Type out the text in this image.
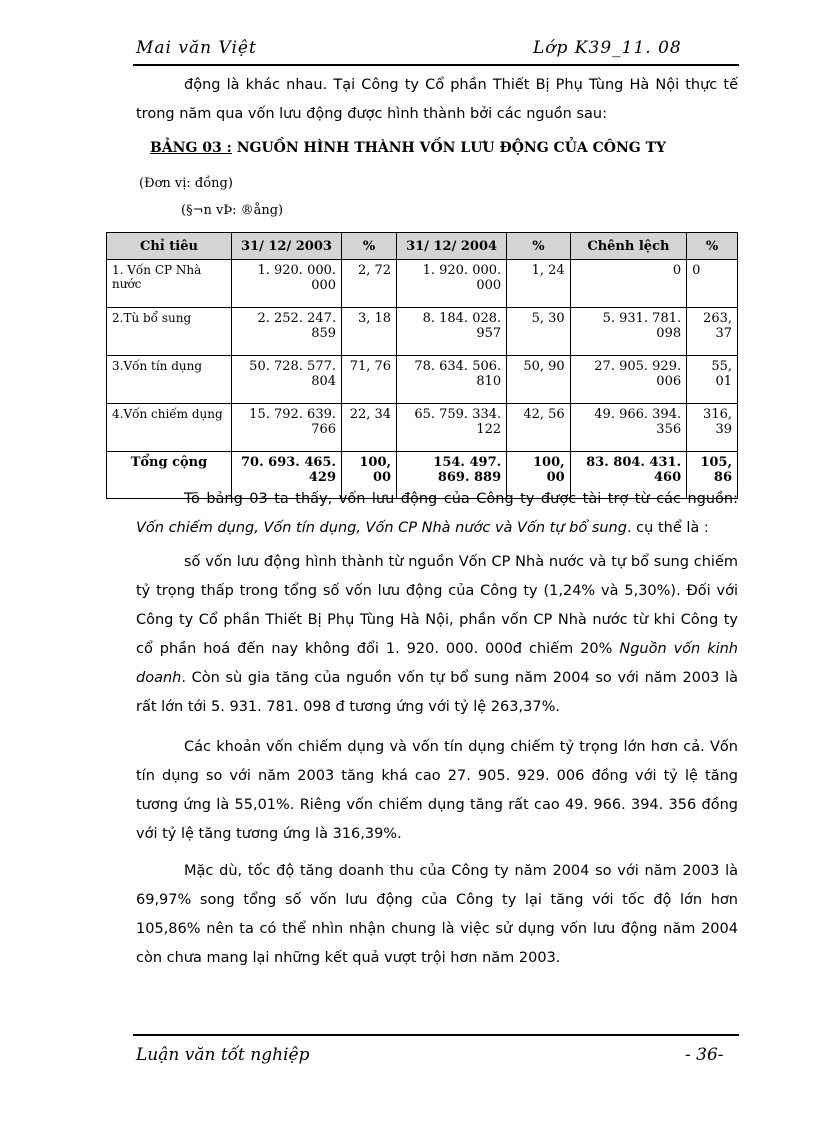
Mai văn Việt	Lớp K39_11. 08

động là khác nhau. Tại Công ty Cổ phần Thiết Bị Phụ Tùng Hà Nội thực tế trong năm qua vốn lưu động được hình thành bởi các nguồn sau:

BẢNG 03 : NGUỒN HÌNH THÀNH VỐN LƯU ĐỘNG CỦA CÔNG TY
(Đơn vị: đồng)
(§¬n vÞ: ®ång)
Chỉ tiêu	31/ 12/ 2003	%	31/ 12/ 2004	%	Chênh lệch	%
1. Vốn CP Nhà nước	1. 920. 000. 000	2, 72	1. 920. 000. 000	1, 24	0	0
2.Tù bổ sung	2. 252. 247. 859	3, 18	8. 184. 028. 957	5, 30	5. 931. 781. 098	263, 37
3.Vốn tín dụng	50. 728. 577. 804	71, 76	78. 634. 506. 810	50, 90	27. 905. 929. 006	55, 01
4.Vốn chiếm dụng	15. 792. 639. 766	22, 34	65. 759. 334. 122	42, 56	49. 966. 394. 356	316, 39
Tổng cộng	70. 693. 465. 429	100, 00	154. 497. 869. 889	100, 00	83. 804. 431. 460	105, 86

Tõ bảng 03 ta thấy, vốn lưu động của Công ty được tài trợ từ các nguồn: Vốn chiếm dụng, Vốn tín dụng, Vốn CP Nhà nước và Vốn tự bổ sung. cụ thể là :

số vốn lưu động hình thành từ nguồn Vốn CP Nhà nước và tự bổ sung chiếm tỷ trọng thấp trong tổng số vốn lưu động của Công ty (1,24% và 5,30%). Đối với Công ty Cổ phần Thiết Bị Phụ Tùng Hà Nội, phần vốn CP Nhà nước từ khi Công ty cổ phần hoá đến nay không đổi 1. 920. 000. 000đ chiếm 20% Nguồn vốn kinh doanh. Còn sù gia tăng của nguồn vốn tự bổ sung năm 2004 so với năm 2003 là rất lớn tới 5. 931. 781. 098 đ tương ứng với tỷ lệ 263,37%.

Các khoản vốn chiếm dụng và vốn tín dụng chiếm tỷ trọng lớn hơn cả. Vốn tín dụng so với năm 2003 tăng khá cao 27. 905. 929. 006 đồng với tỷ lệ tăng tương ứng là 55,01%. Riêng vốn chiếm dụng tăng rất cao 49. 966. 394. 356 đồng với tỷ lệ tăng tương ứng là 316,39%.

Mặc dù, tốc độ tăng doanh thu của Công ty năm 2004 so với năm 2003 là 69,97% song tổng số vốn lưu động của Công ty lại tăng với tốc độ lớn hơn 105,86% nên ta có thể nhìn nhận chung là việc sử dụng vốn lưu động năm 2004 còn chưa mang lại những kết quả vượt trội hơn năm 2003.

Luận văn tốt nghiệp	- 36-
